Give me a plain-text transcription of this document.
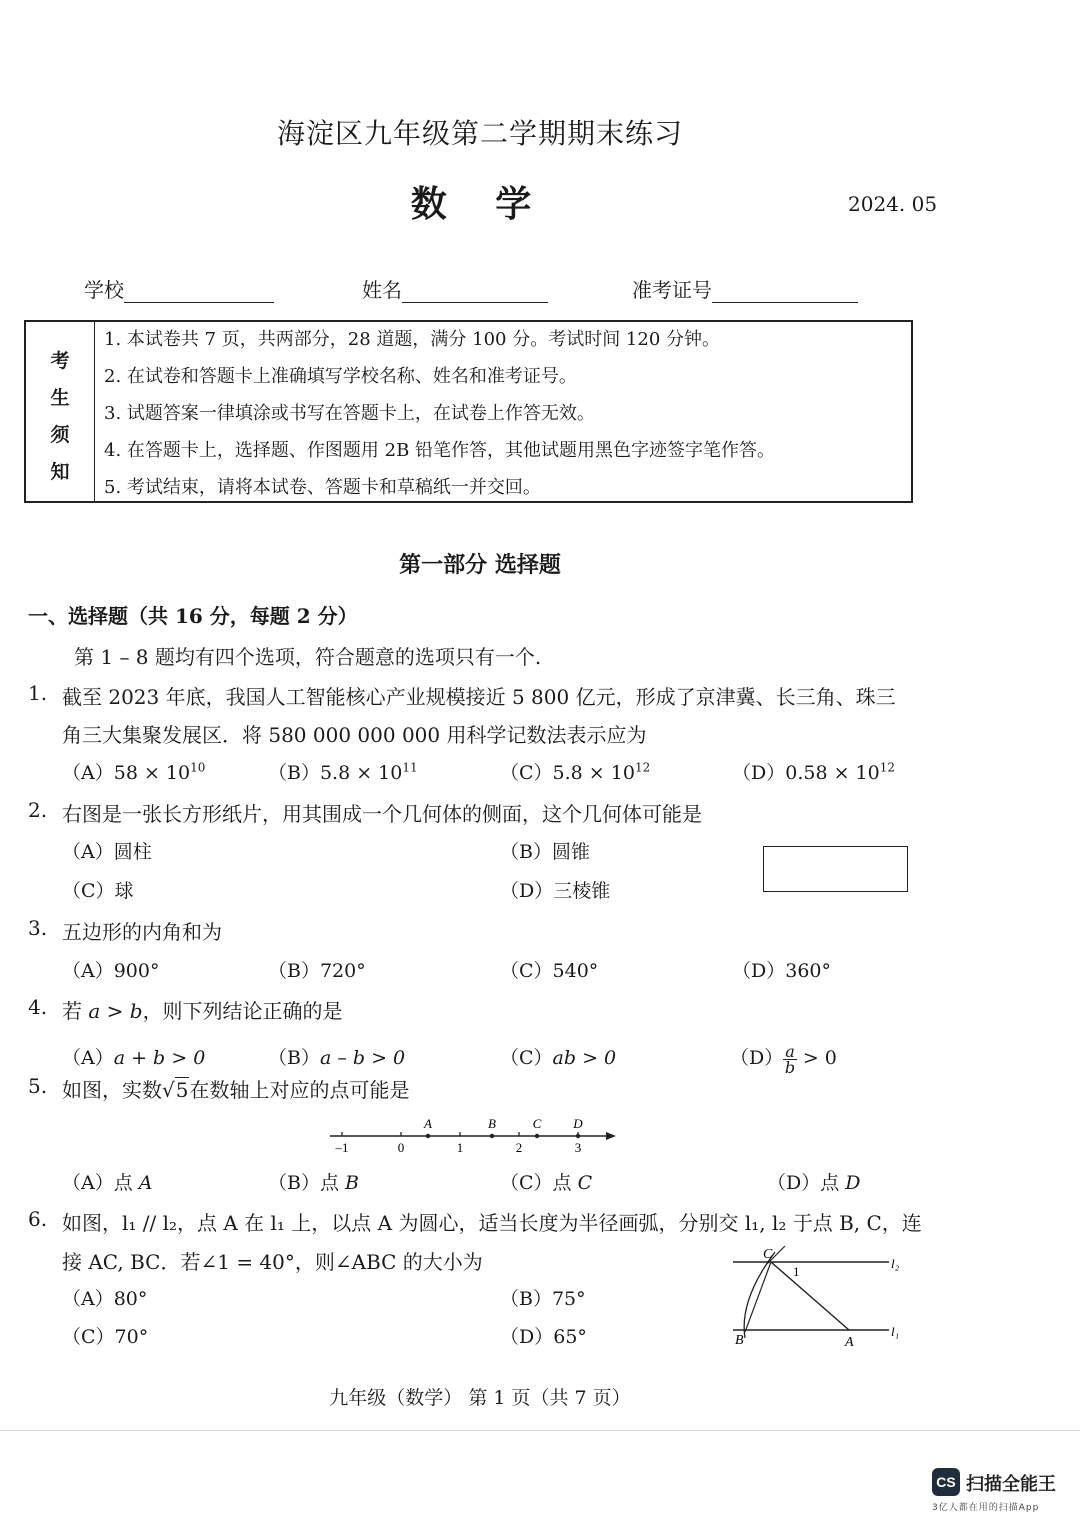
海淀区九年级第二学期期末练习
数 学	2024. 05
学校	姓名	准考证号
考
生
须
知
1. 本试卷共 7 页，共两部分，28 道题，满分 100 分。考试时间 120 分钟。
2. 在试卷和答题卡上准确填写学校名称、姓名和准考证号。
3. 试题答案一律填涂或书写在答题卡上，在试卷上作答无效。
4. 在答题卡上，选择题、作图题用 2B 铅笔作答，其他试题用黑色字迹签字笔作答。
5. 考试结束，请将本试卷、答题卡和草稿纸一并交回。
第一部分 选择题
一、选择题（共 16 分，每题 2 分）
第 1 – 8 题均有四个选项，符合题意的选项只有一个.
1. 截至 2023 年底，我国人工智能核心产业规模接近 5 800 亿元，形成了京津冀、长三角、珠三
角三大集聚发展区．将 580 000 000 000 用科学记数法表示应为
$(A)58 \times 10^{10}$	$(B)5.8 \times 10^{11}$	$(C)5.8 \times 10^{12}$	$(D)0.58 \times 10^{12}$
2. 右图是一张长方形纸片，用其围成一个几何体的侧面，这个几何体可能是
（A）圆柱	（B）圆锥
（C）球	（D）三棱锥
3. 五边形的内角和为
（A）900°	（B）720°	（C）540°	（D）360°
4. 若 a > b，则下列结论正确的是
（A）a + b > 0	（B）a – b > 0	（C）ab > 0	$(D) \frac{a}{b} > 0$
5. 如图，实数√5在数轴上对应的点可能是
–1	0	1	2	3
A	B	C D
（A）点 A	（B）点 B	（C）点 C	（D）点 D
6. 如图，l₁ // l₂，点 A 在 l₁ 上，以点 A 为圆心，适当长度为半径画弧，分别交 l₁, l₂ 于点 B, C，连
接 AC, BC．若∠1 = 40°，则∠ABC 的大小为
（A）80°	（B）75°
（C）70°	（D）65°
C
1
B	A
l₂
l₁
九年级（数学） 第 1 页（共 7 页）
CS 扫描全能王
3亿人都在用的扫描App
